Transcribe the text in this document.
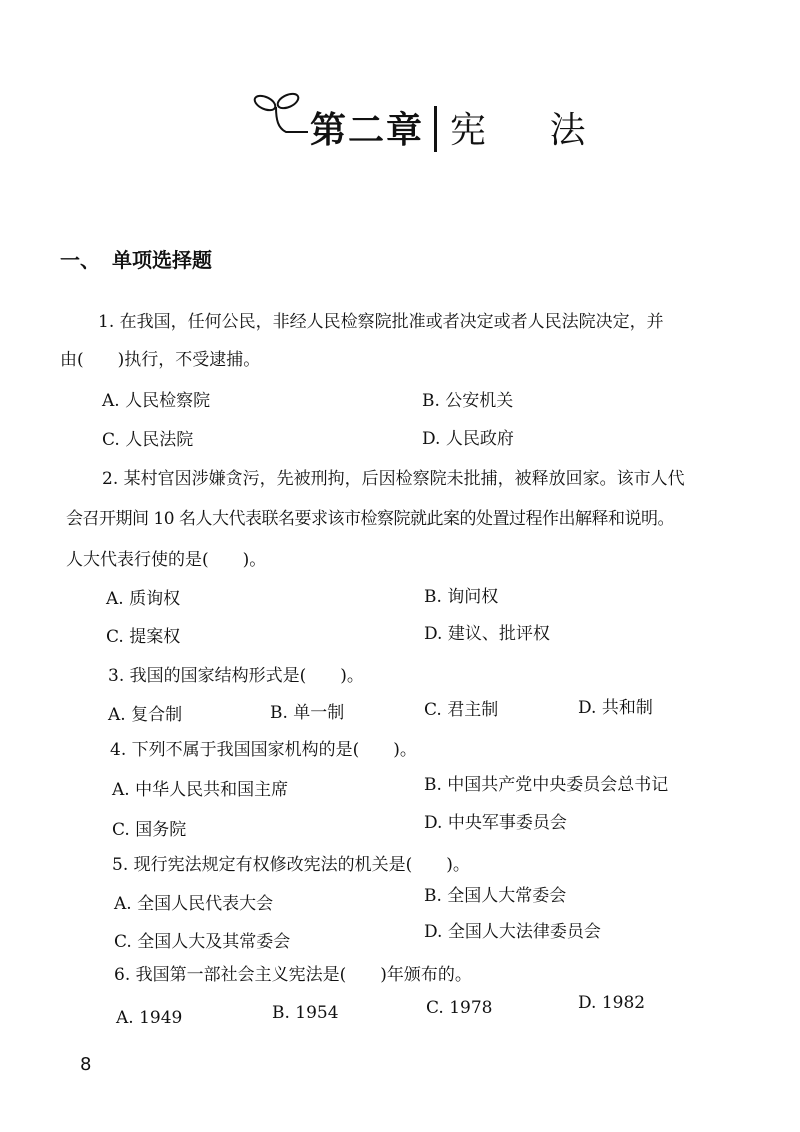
第二章 宪 法
一、 单项选择题
1. 在我国，任何公民，非经人民检察院批准或者决定或者人民法院决定，并
由(　　)执行，不受逮捕。
A. 人民检察院	B. 公安机关
C. 人民法院	D. 人民政府
2. 某村官因涉嫌贪污，先被刑拘，后因检察院未批捕，被释放回家。该市人代
会召开期间 10 名人大代表联名要求该市检察院就此案的处置过程作出解释和说明。
人大代表行使的是(　　)。
A. 质询权	B. 询问权
C. 提案权	D. 建议、批评权
3. 我国的国家结构形式是(　　)。
A. 复合制	B. 单一制	C. 君主制	D. 共和制
4. 下列不属于我国国家机构的是(　　)。
A. 中华人民共和国主席	B. 中国共产党中央委员会总书记
C. 国务院	D. 中央军事委员会
5. 现行宪法规定有权修改宪法的机关是(　　)。
A. 全国人民代表大会	B. 全国人大常委会
C. 全国人大及其常委会	D. 全国人大法律委员会
6. 我国第一部社会主义宪法是(　　)年颁布的。
A. 1949	B. 1954	C. 1978	D. 1982
8
